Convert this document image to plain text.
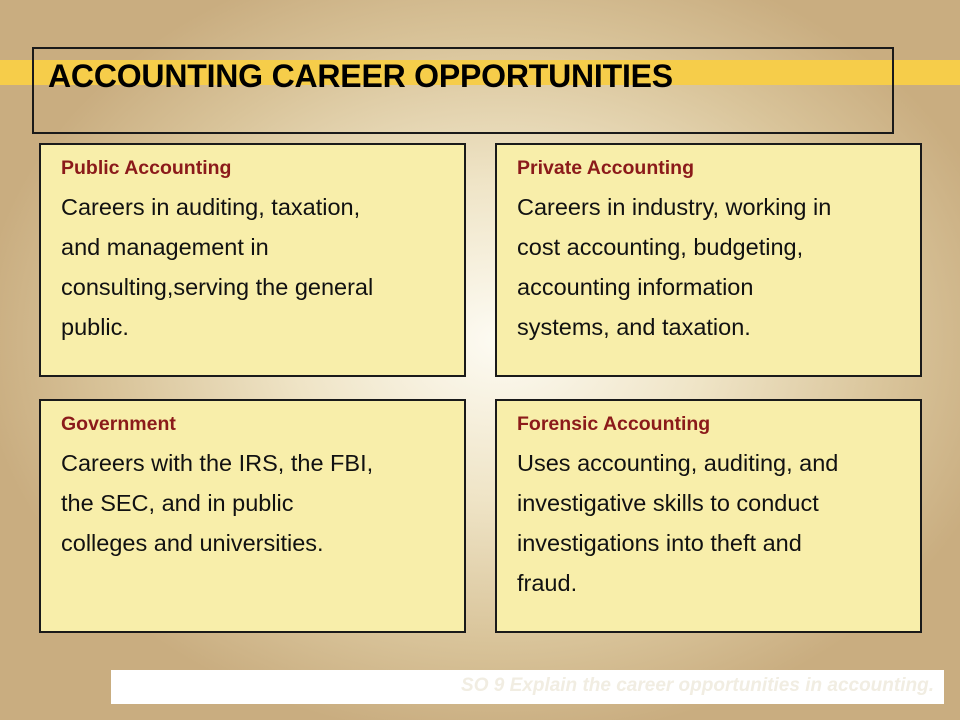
ACCOUNTING CAREER OPPORTUNITIES
Public Accounting
Careers in auditing, taxation,
and management in
consulting,serving the general
public.
Private Accounting
Careers in industry, working in
cost accounting, budgeting,
accounting information
systems, and taxation.
Government
Careers with the IRS, the FBI,
the SEC, and in public
colleges and universities.
Forensic Accounting
Uses accounting, auditing, and
investigative skills to conduct
investigations into theft and
fraud.
SO 9 Explain the career opportunities in accounting.
